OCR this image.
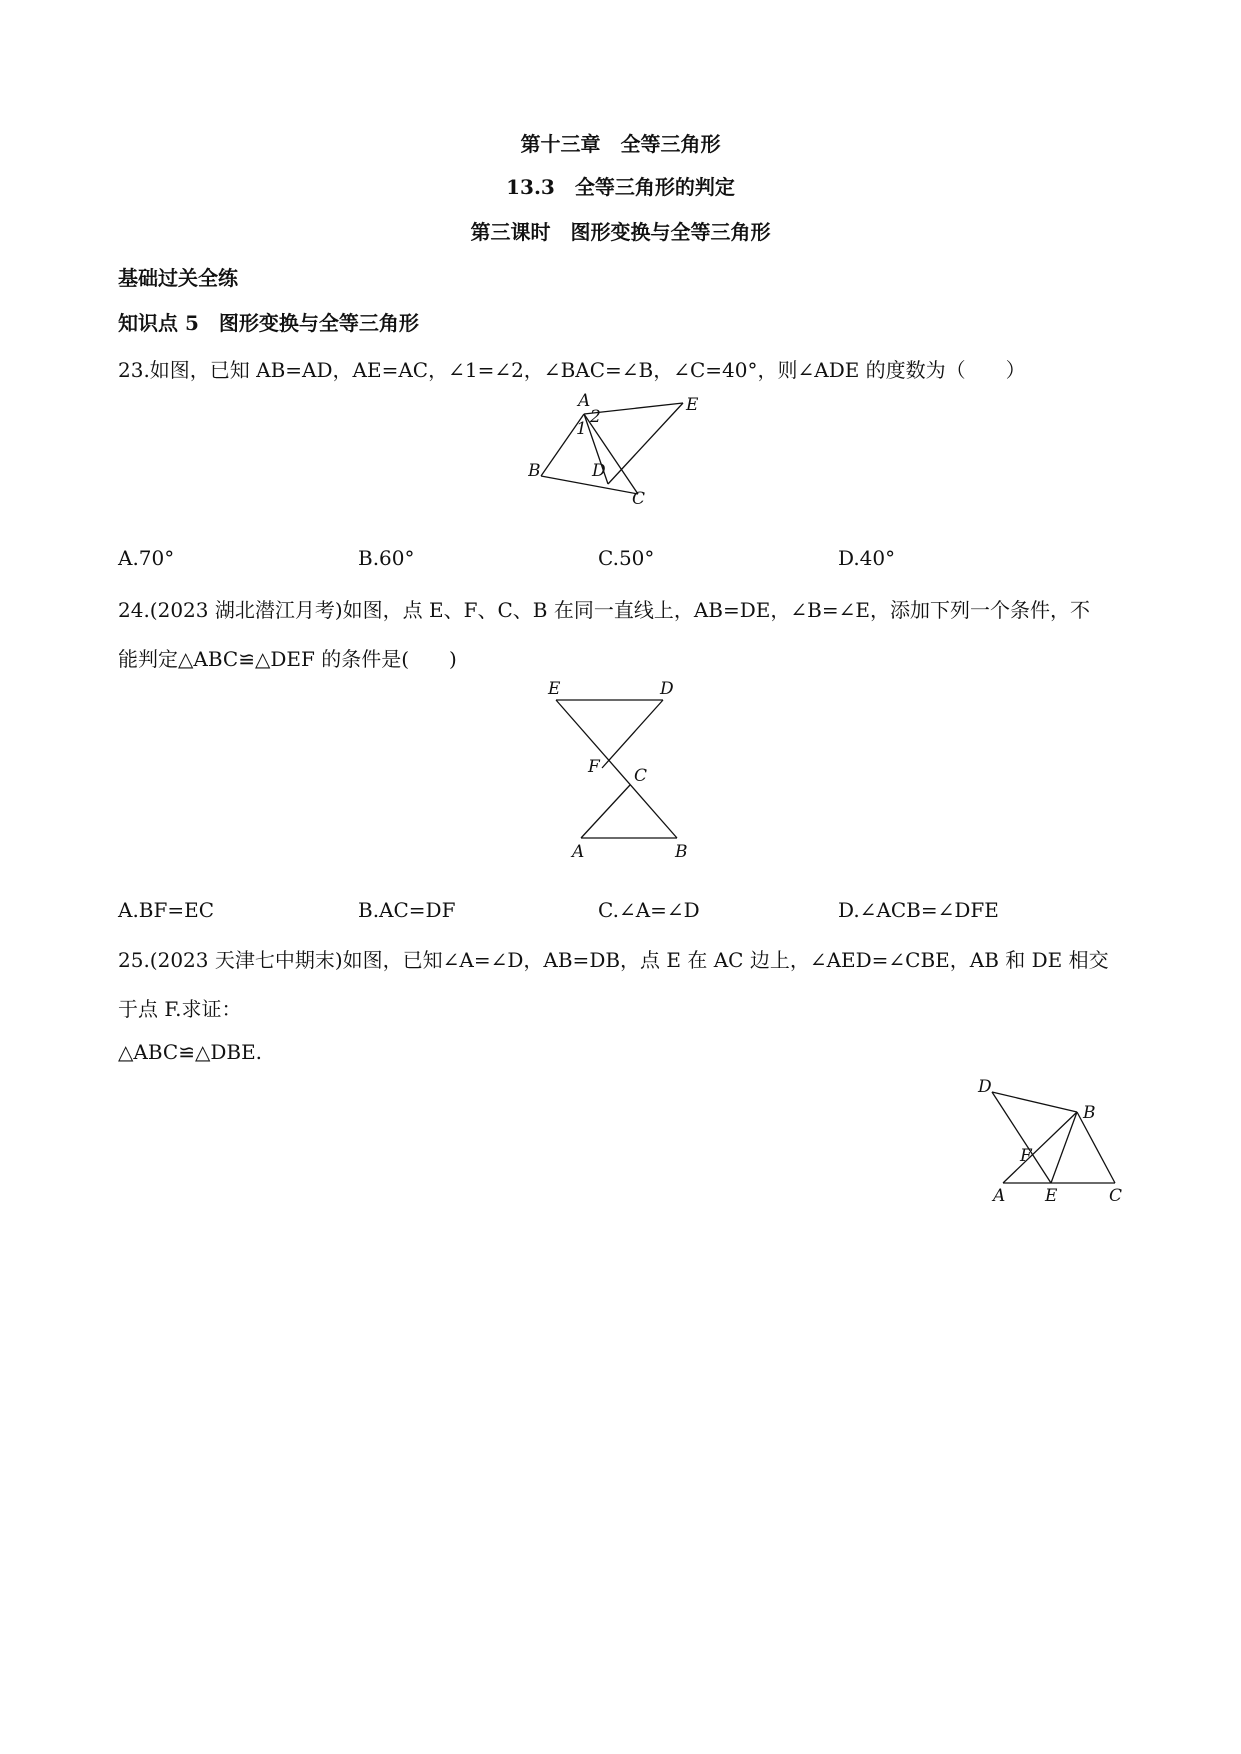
第十三章　全等三角形
13.3　全等三角形的判定
第三课时　图形变换与全等三角形
基础过关全练
知识点 5　图形变换与全等三角形
23.如图，已知 AB=AD，AE=AC，∠1=∠2，∠BAC=∠B，∠C=40°，则∠ADE 的度数为（　　）
A
B
C
D
E
1
2
A.70°	B.60°	C.50°	D.40°
24.(2023 湖北潜江月考)如图，点 E、F、C、B 在同一直线上，AB=DE，∠B=∠E，添加下列一个条件，不
能判定△ABC≌△DEF 的条件是(　　)
E	D
F C
A	B
A.BF=EC	B.AC=DF	C.∠A=∠D	D.∠ACB=∠DFE
25.(2023 天津七中期末)如图，已知∠A=∠D，AB=DB，点 E 在 AC 边上，∠AED=∠CBE，AB 和 DE 相交
于点 F.求证：
△ABC≌△DBE.
D
B
F
A E	C
